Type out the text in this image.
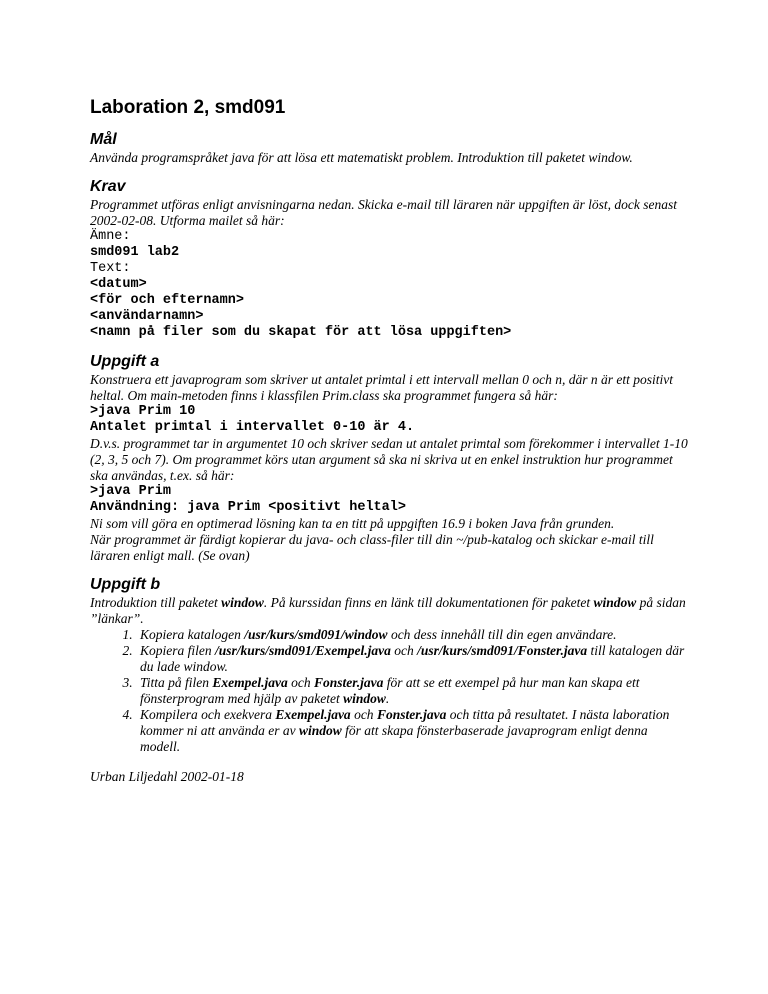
Laboration 2, smd091
Mål

Använda programspråket java för att lösa ett matematiskt problem. Introduktion till paketet window.

Krav

Programmet utföras enligt anvisningarna nedan. Skicka e-mail till läraren när uppgiften är löst, dock senast 2002-02-08. Utforma mailet så här:

Ämne:

smd091 lab2

Text:

<datum>

<för och efternamn>

<användarnamn>

<namn på filer som du skapat för att lösa uppgiften>

Uppgift a

Konstruera ett javaprogram som skriver ut antalet primtal i ett intervall mellan 0 och n, där n är ett positivt heltal. Om main-metoden finns i klassfilen Prim.class ska programmet fungera så här:

>java Prim 10

Antalet primtal i intervallet 0-10 är 4.

D.v.s. programmet tar in argumentet 10 och skriver sedan ut antalet primtal som förekommer i intervallet 1-10 (2, 3, 5 och 7). Om programmet körs utan argument så ska ni skriva ut en enkel instruktion hur programmet ska användas, t.ex. så här:

>java Prim

Användning: java Prim <positivt heltal>

Ni som vill göra en optimerad lösning kan ta en titt på uppgiften 16.9 i boken Java från grunden.

När programmet är färdigt kopierar du java- och class-filer till din ~/pub-katalog och skickar e-mail till läraren enligt mall. (Se ovan)

Uppgift b

Introduktion till paketet window. På kurssidan finns en länk till dokumentationen för paketet window på sidan ”länkar”.

1. Kopiera katalogen /usr/kurs/smd091/window och dess innehåll till din egen användare.
2. Kopiera filen /usr/kurs/smd091/Exempel.java och /usr/kurs/smd091/Fonster.java till katalogen där du lade window.
3. Titta på filen Exempel.java och Fonster.java för att se ett exempel på hur man kan skapa ett fönsterprogram med hjälp av paketet window.
4. Kompilera och exekvera Exempel.java och Fonster.java och titta på resultatet. I nästa laboration kommer ni att använda er av window för att skapa fönsterbaserade javaprogram enligt denna modell.

Urban Liljedahl 2002-01-18
